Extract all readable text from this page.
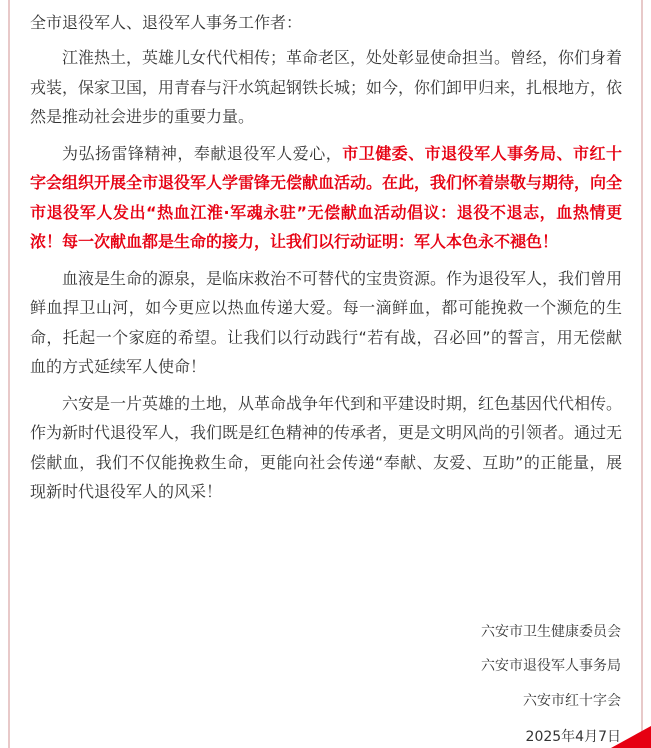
全市退役军人、退役军人事务工作者：

江淮热土，英雄儿女代代相传；革命老区，处处彰显使命担当。曾经，你们身着戎装，保家卫国，用青春与汗水筑起钢铁长城；如今，你们卸甲归来，扎根地方，依然是推动社会进步的重要力量。

为弘扬雷锋精神，奉献退役军人爱心，市卫健委、市退役军人事务局、市红十字会组织开展全市退役军人学雷锋无偿献血活动。在此，我们怀着崇敬与期待，向全市退役军人发出“热血江淮·军魂永驻”无偿献血活动倡议：退役不退志，血热情更浓！每一次献血都是生命的接力，让我们以行动证明：军人本色永不褪色！

血液是生命的源泉，是临床救治不可替代的宝贵资源。作为退役军人，我们曾用鲜血捍卫山河，如今更应以热血传递大爱。每一滴鲜血，都可能挽救一个濒危的生命，托起一个家庭的希望。让我们以行动践行“若有战，召必回”的誓言，用无偿献血的方式延续军人使命！

六安是一片英雄的土地，从革命战争年代到和平建设时期，红色基因代代相传。作为新时代退役军人，我们既是红色精神的传承者，更是文明风尚的引领者。通过无偿献血，我们不仅能挽救生命，更能向社会传递“奉献、友爱、互助”的正能量，展现新时代退役军人的风采！

六安市卫生健康委员会
六安市退役军人事务局
六安市红十字会
2025年4月7日
